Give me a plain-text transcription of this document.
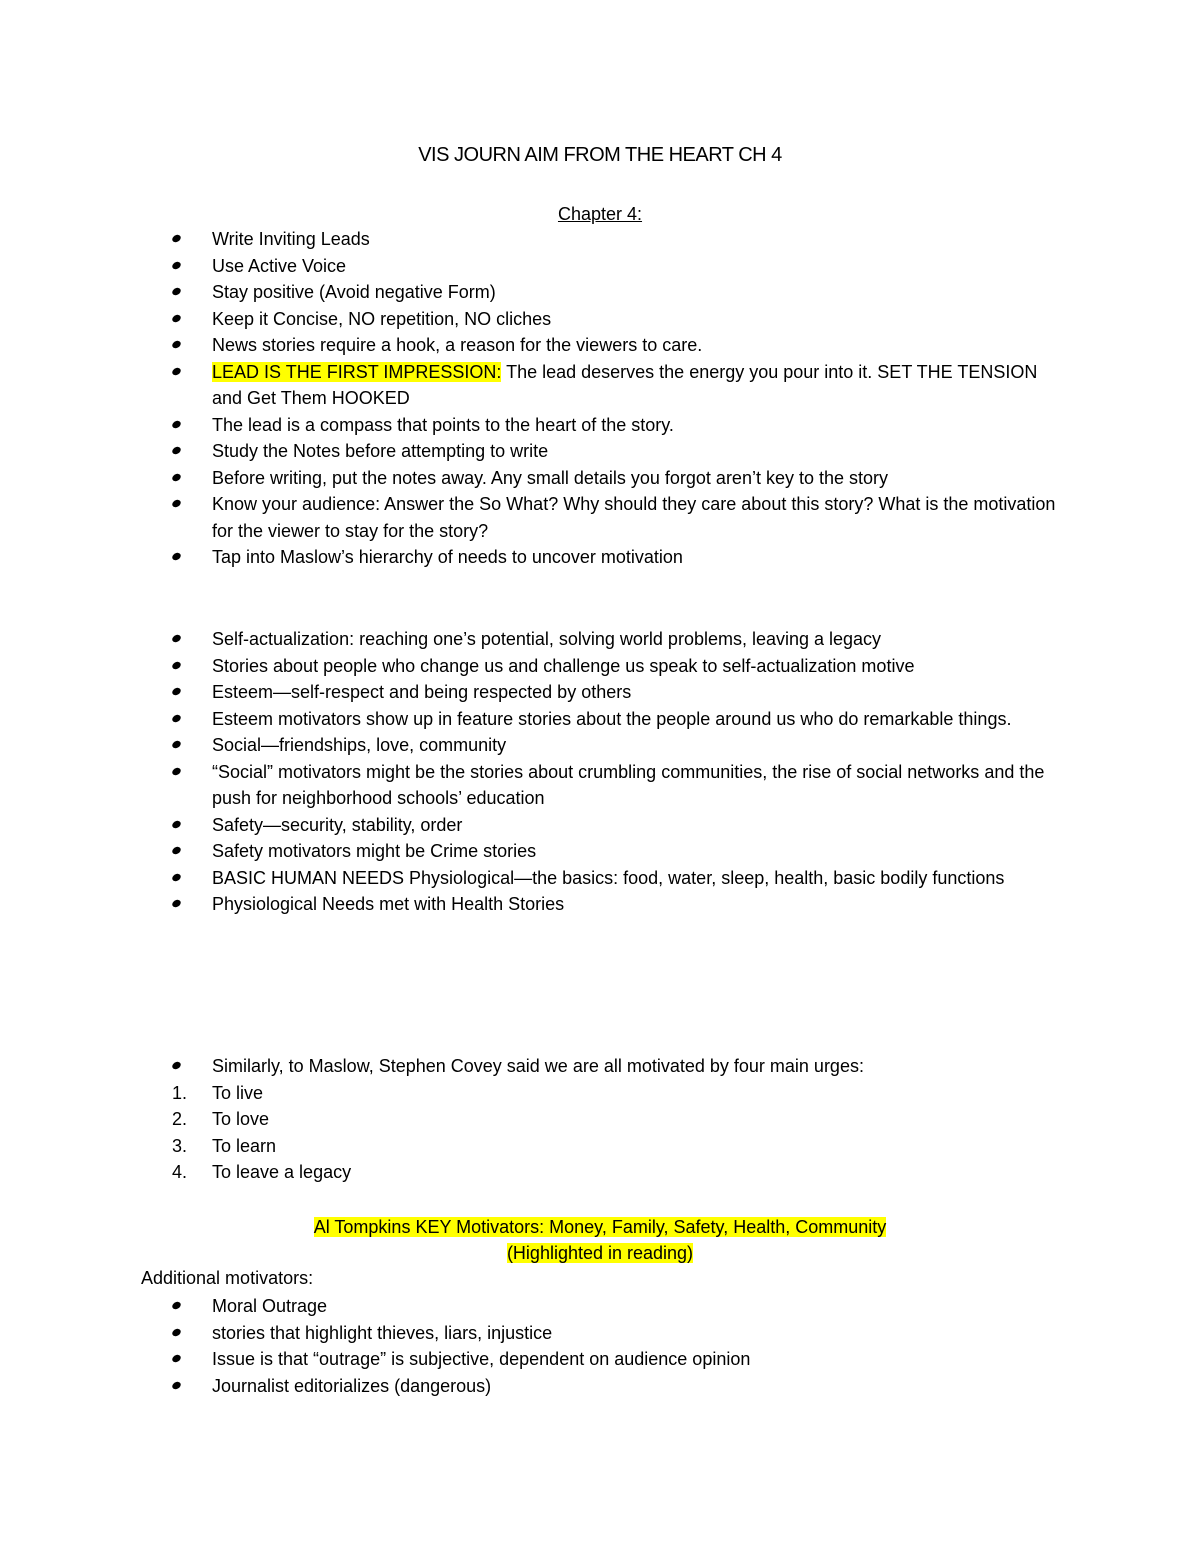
VIS JOURN AIM FROM THE HEART CH 4
Chapter 4:
Write Inviting Leads
Use Active Voice
Stay positive (Avoid negative Form)
Keep it Concise, NO repetition, NO cliches
News stories require a hook, a reason for the viewers to care.
LEAD IS THE FIRST IMPRESSION: The lead deserves the energy you pour into it. SET THE TENSION and Get Them HOOKED
The lead is a compass that points to the heart of the story.
Study the Notes before attempting to write
Before writing, put the notes away. Any small details you forgot aren’t key to the story
Know your audience: Answer the So What? Why should they care about this story? What is the motivation for the viewer to stay for the story?
Tap into Maslow’s hierarchy of needs to uncover motivation
Self-actualization: reaching one’s potential, solving world problems, leaving a legacy
Stories about people who change us and challenge us speak to self-actualization motive
Esteem—self-respect and being respected by others
Esteem motivators show up in feature stories about the people around us who do remarkable things.
Social—friendships, love, community
“Social” motivators might be the stories about crumbling communities, the rise of social networks and the push for neighborhood schools’ education
Safety—security, stability, order
Safety motivators might be Crime stories
BASIC HUMAN NEEDS Physiological—the basics: food, water, sleep, health, basic bodily functions
Physiological Needs met with Health Stories
Similarly, to Maslow, Stephen Covey said we are all motivated by four main urges:
1.	To live
2.	To love
3.	To learn
4.	To leave a legacy
Al Tompkins KEY Motivators: Money, Family, Safety, Health, Community
(Highlighted in reading)
Additional motivators:
Moral Outrage
stories that highlight thieves, liars, injustice
Issue is that “outrage” is subjective, dependent on audience opinion
Journalist editorializes (dangerous)
